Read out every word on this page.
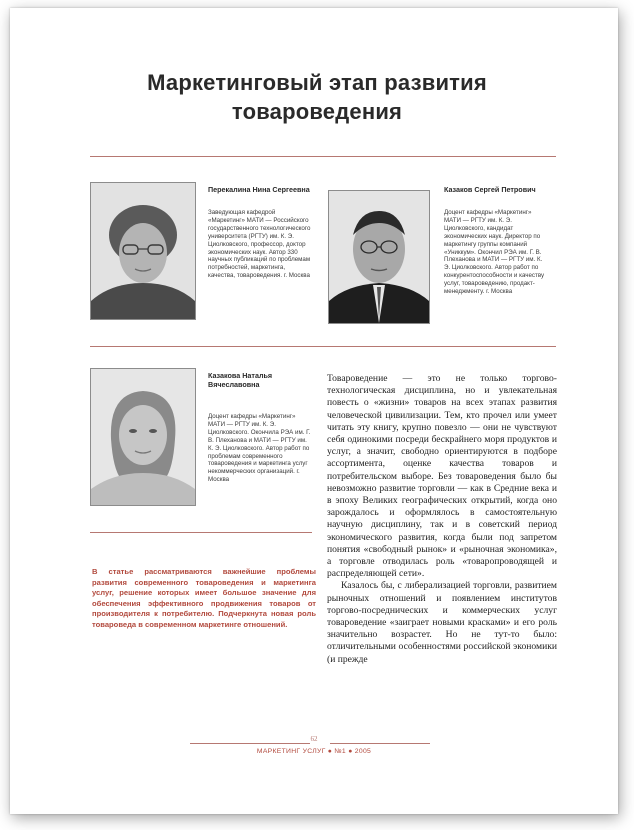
Маркетинговый этап развития товароведения
Перекалина Нина Сергеевна
Заведующая кафедрой «Маркетинг» МАТИ — Российского государственного технологического университета (РГТУ) им. К. Э. Циолковского, профессор, доктор экономических наук. Автор 330 научных публикаций по проблемам потребностей, маркетинга, качества, товароведения. г. Москва
Казаков Сергей Петрович
Доцент кафедры «Маркетинг» МАТИ — РГТУ им. К. Э. Циолковского, кандидат экономических наук. Директор по маркетингу группы компаний «Униккум». Окончил РЭА им. Г. В. Плеханова и МАТИ — РГТУ им. К. Э. Циолковского. Автор работ по конкурентоспособности и качеству услуг, товароведению, продакт-менеджменту. г. Москва
Казакова Наталья Вячеславовна
Доцент кафедры «Маркетинг» МАТИ — РГТУ им. К. Э. Циолковского. Окончила РЭА им. Г. В. Плеханова и МАТИ — РГТУ им. К. Э. Циолковского. Автор работ по проблемам современного товароведения и маркетинга услуг некоммерческих организаций. г. Москва
В статье рассматриваются важнейшие проблемы развития современного товароведения и маркетинга услуг, решение которых имеет большое значение для обеспечения эффективного продвижения товаров от производителя к потребителю. Подчеркнута новая роль товароведа в современном маркетинге отношений.

Товароведение — это не только торгово-технологическая дисциплина, но и увлекательная повесть о «жизни» товаров на всех этапах развития человеческой цивилизации. Тем, кто прочел или умеет читать эту книгу, крупно повезло — они не чувствуют себя одинокими посреди бескрайнего моря продуктов и услуг, а значит, свободно ориентируются в подборе ассортимента, оценке качества товаров и потребительском выборе. Без товароведения было бы невозможно развитие торговли — как в Средние века и в эпоху Великих географических открытий, когда оно зарождалось и оформлялось в самостоятельную научную дисциплину, так и в советский период экономического развития, когда были под запретом понятия «свободный рынок» и «рыночная экономика», а торговле отводилась роль «товаропроводящей и распределяющей сети».

Казалось бы, с либерализацией торговли, развитием рыночных отношений и появлением институтов торгово-посреднических и коммерческих услуг товароведение «заиграет новыми красками» и его роль значительно возрастет. Но не тут-то было: отличительными особенностями российской экономики (и прежде

62
МАРКЕТИНГ УСЛУГ ● №1 ● 2005
